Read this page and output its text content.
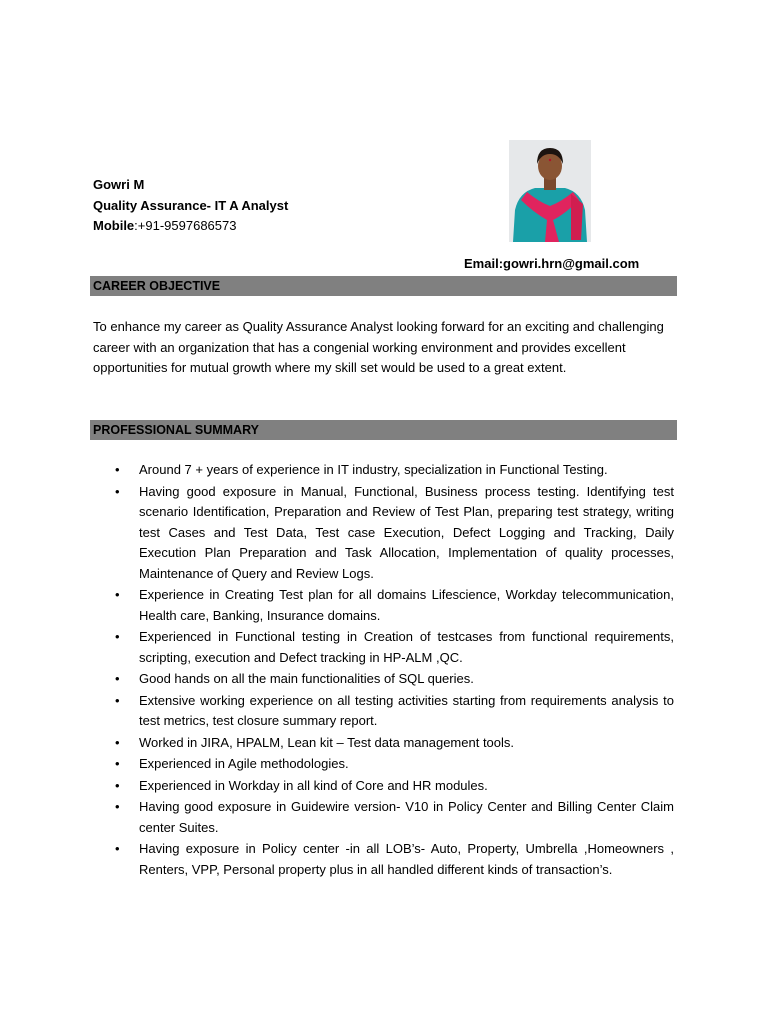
Gowri M
Quality Assurance- IT A Analyst
Mobile:+91-9597686573
Email:gowri.hrn@gmail.com
CAREER OBJECTIVE

To enhance my career as Quality Assurance Analyst looking forward for an exciting and challenging career with an organization that has a congenial working environment and provides excellent opportunities for mutual growth where my skill set would be used to a great extent.

PROFESSIONAL SUMMARY
• Around 7 + years of experience in IT industry, specialization in Functional Testing.
• Having good exposure in Manual, Functional, Business process testing. Identifying test scenario Identification, Preparation and Review of Test Plan, preparing test strategy, writing test Cases and Test Data, Test case Execution, Defect Logging and Tracking, Daily Execution Plan Preparation and Task Allocation, Implementation of quality processes, Maintenance of Query and Review Logs.
• Experience in Creating Test plan for all domains Lifescience, Workday telecommunication, Health care, Banking, Insurance domains.
• Experienced in Functional testing in Creation of testcases from functional requirements, scripting, execution and Defect tracking in HP-ALM ,QC.
• Good hands on all the main functionalities of SQL queries.
• Extensive working experience on all testing activities starting from requirements analysis to test metrics, test closure summary report.
• Worked in JIRA, HPALM, Lean kit – Test data management tools.
• Experienced in Agile methodologies.
• Experienced in Workday in all kind of Core and HR modules.
• Having good exposure in Guidewire version- V10 in Policy Center and Billing Center Claim center Suites.
• Having exposure in Policy center -in all LOB’s- Auto, Property, Umbrella ,Homeowners , Renters, VPP, Personal property plus in all handled different kinds of transaction’s.
